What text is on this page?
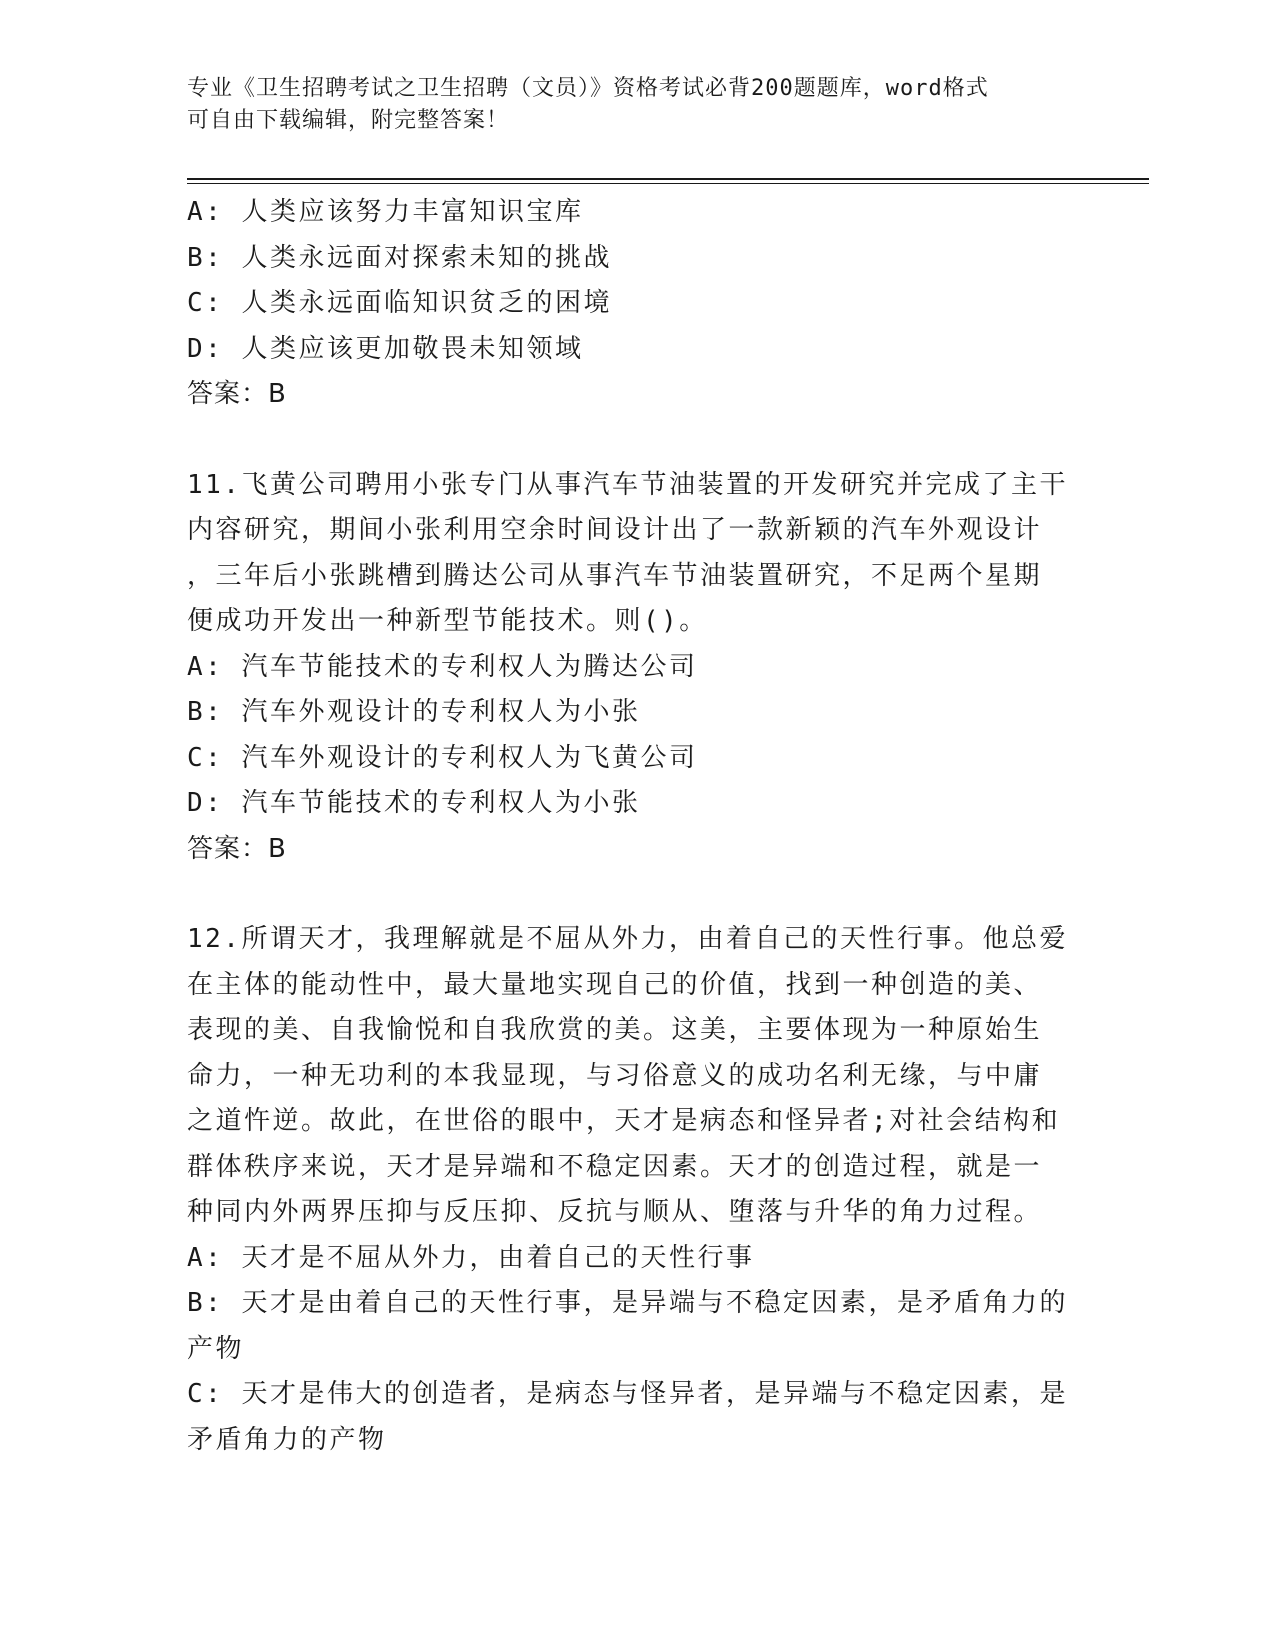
专业《卫生招聘考试之卫生招聘（文员）》资格考试必背200题题库，word格式
可自由下载编辑，附完整答案！
A: 人类应该努力丰富知识宝库
B: 人类永远面对探索未知的挑战
C: 人类永远面临知识贫乏的困境
D: 人类应该更加敬畏未知领域
答案：B
11.飞黄公司聘用小张专门从事汽车节油装置的开发研究并完成了主干
内容研究，期间小张利用空余时间设计出了一款新颖的汽车外观设计
，三年后小张跳槽到腾达公司从事汽车节油装置研究，不足两个星期
便成功开发出一种新型节能技术。则()。
A: 汽车节能技术的专利权人为腾达公司
B: 汽车外观设计的专利权人为小张
C: 汽车外观设计的专利权人为飞黄公司
D: 汽车节能技术的专利权人为小张
答案：B
12.所谓天才，我理解就是不屈从外力，由着自己的天性行事。他总爱
在主体的能动性中，最大量地实现自己的价值，找到一种创造的美、
表现的美、自我愉悦和自我欣赏的美。这美，主要体现为一种原始生
命力，一种无功利的本我显现，与习俗意义的成功名利无缘，与中庸
之道忤逆。故此，在世俗的眼中，天才是病态和怪异者;对社会结构和
群体秩序来说，天才是异端和不稳定因素。天才的创造过程，就是一
种同内外两界压抑与反压抑、反抗与顺从、堕落与升华的角力过程。
A: 天才是不屈从外力，由着自己的天性行事
B: 天才是由着自己的天性行事，是异端与不稳定因素，是矛盾角力的
产物
C: 天才是伟大的创造者，是病态与怪异者，是异端与不稳定因素，是
矛盾角力的产物
